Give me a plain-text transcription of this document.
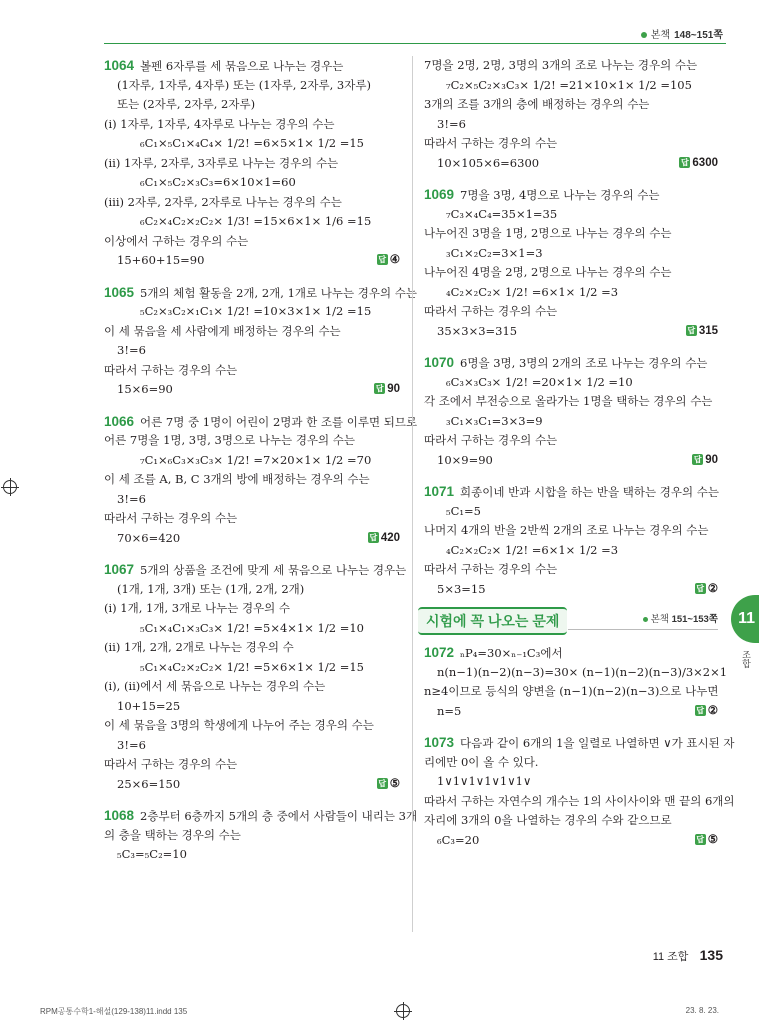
본책 148~151쪽
1064 볼펜 6자루를 세 묶음으로 나누는 경우는
(1자루, 1자루, 4자루) 또는 (1자루, 2자루, 3자루)
또는 (2자루, 2자루, 2자루)
(ⅰ) 1자루, 1자루, 4자루로 나누는 경우의 수는
₆C₁×₅C₁×₄C₄× 1/2! =6×5×1× 1/2 =15
(ⅱ) 1자루, 2자루, 3자루로 나누는 경우의 수는
₆C₁×₅C₂×₃C₃=6×10×1=60
(ⅲ) 2자루, 2자루, 2자루로 나누는 경우의 수는
₆C₂×₄C₂×₂C₂× 1/3! =15×6×1× 1/6 =15
이상에서 구하는 경우의 수는
15+60+15=90	답 ④
1065 5개의 체험 활동을 2개, 2개, 1개로 나누는 경우의 수는
₅C₂×₃C₂×₁C₁× 1/2! =10×3×1× 1/2 =15
이 세 묶음을 세 사람에게 배정하는 경우의 수는
3!=6
따라서 구하는 경우의 수는
15×6=90	답 90
1066 어른 7명 중 1명이 어린이 2명과 한 조를 이루면 되므로
어른 7명을 1명, 3명, 3명으로 나누는 경우의 수는
₇C₁×₆C₃×₃C₃× 1/2! =7×20×1× 1/2 =70
이 세 조를 A, B, C 3개의 방에 배정하는 경우의 수는
3!=6
따라서 구하는 경우의 수는
70×6=420	답 420
1067 5개의 상품을 조건에 맞게 세 묶음으로 나누는 경우는
(1개, 1개, 3개) 또는 (1개, 2개, 2개)
(ⅰ) 1개, 1개, 3개로 나누는 경우의 수
₅C₁×₄C₁×₃C₃× 1/2! =5×4×1× 1/2 =10
(ⅱ) 1개, 2개, 2개로 나누는 경우의 수
₅C₁×₄C₂×₂C₂× 1/2! =5×6×1× 1/2 =15
(ⅰ), (ⅱ)에서 세 묶음으로 나누는 경우의 수는
10+15=25
이 세 묶음을 3명의 학생에게 나누어 주는 경우의 수는
3!=6
따라서 구하는 경우의 수는
25×6=150	답 ⑤
1068 2층부터 6층까지 5개의 층 중에서 사람들이 내리는 3개
의 층을 택하는 경우의 수는
₅C₃=₅C₂=10
7명을 2명, 2명, 3명의 3개의 조로 나누는 경우의 수는
₇C₂×₅C₂×₃C₃× 1/2! =21×10×1× 1/2 =105
3개의 조를 3개의 층에 배정하는 경우의 수는
3!=6
따라서 구하는 경우의 수는
10×105×6=6300	답 6300
1069 7명을 3명, 4명으로 나누는 경우의 수는
₇C₃×₄C₄=35×1=35
나누어진 3명을 1명, 2명으로 나누는 경우의 수는
₃C₁×₂C₂=3×1=3
나누어진 4명을 2명, 2명으로 나누는 경우의 수는
₄C₂×₂C₂× 1/2! =6×1× 1/2 =3
따라서 구하는 경우의 수는
35×3×3=315	답 315
1070 6명을 3명, 3명의 2개의 조로 나누는 경우의 수는
₆C₃×₃C₃× 1/2! =20×1× 1/2 =10
각 조에서 부전승으로 올라가는 1명을 택하는 경우의 수는
₃C₁×₃C₁=3×3=9
따라서 구하는 경우의 수는
10×9=90	답 90
1071 희종이네 반과 시합을 하는 반을 택하는 경우의 수는
₅C₁=5
나머지 4개의 반을 2반씩 2개의 조로 나누는 경우의 수는
₄C₂×₂C₂× 1/2! =6×1× 1/2 =3
따라서 구하는 경우의 수는
5×3=15	답 ②
시험에 꼭 나오는 문제	본책 151~153쪽
1072 ₙP₄=30×ₙ₋₁C₃에서
n(n−1)(n−2)(n−3)=30× (n−1)(n−2)(n−3)/3×2×1
n≥4이므로 등식의 양변을 (n−1)(n−2)(n−3)으로 나누면
n=5	답 ②
1073 다음과 같이 6개의 1을 일렬로 나열하면 ∨가 표시된 자
리에만 0이 올 수 있다.
1∨1∨1∨1∨1∨1∨
따라서 구하는 자연수의 개수는 1의 사이사이와 맨 끝의 6개의
자리에 3개의 0을 나열하는 경우의 수와 같으므로
₆C₃=20	답 ⑤
11
조합
11 조합 135
RPM공통수학1-해설(129-138)11.indd 135	23. 8. 23.
